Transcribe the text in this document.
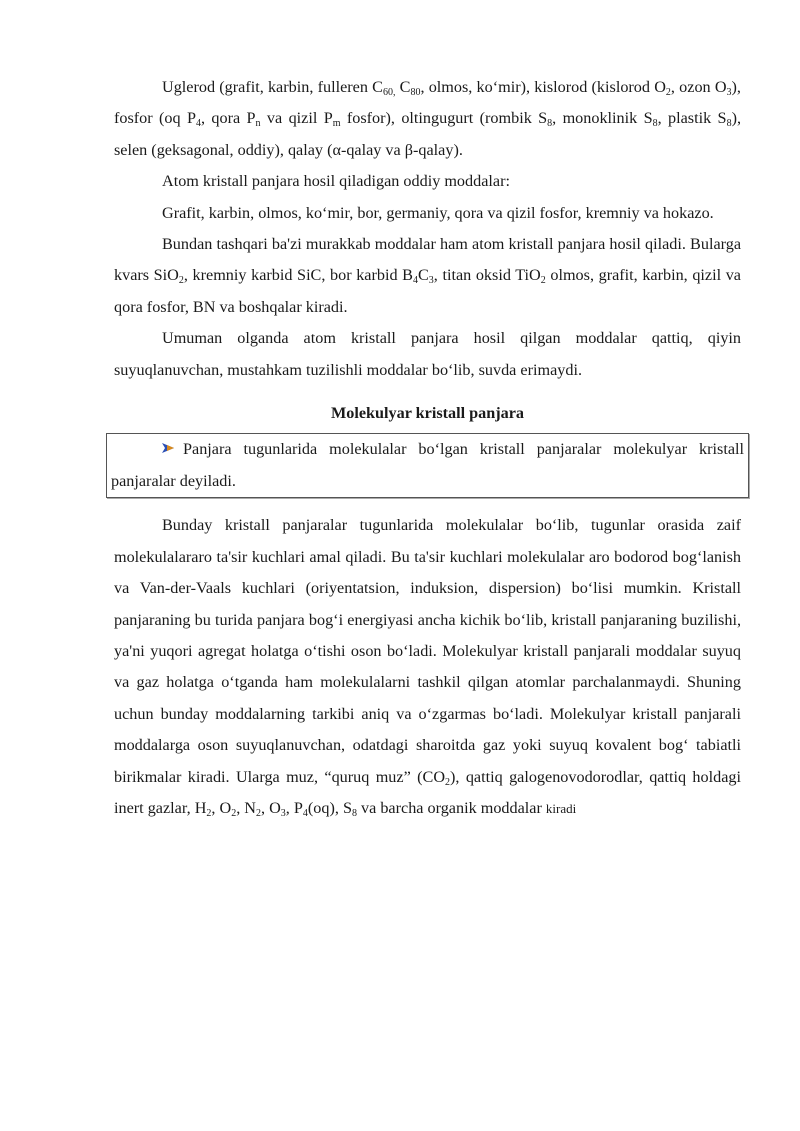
Uglerod (grafit, karbin, fulleren $C_{60,}$ $C_{80}$, olmos, ko‘mir), kislorod (kislorod $O_2$, ozon $O_3$), fosfor (oq $P_4$, qora $P_n$ va qizil $P_m$ fosfor), oltingugurt (rombik $S_8$, monoklinik $S_8$, plastik $S_8$), selen (geksagonal, oddiy), qalay (α-qalay va β-qalay).

Atom kristall panjara hosil qiladigan oddiy moddalar:

Grafit, karbin, olmos, ko‘mir, bor, germaniy, qora va qizil fosfor, kremniy va hokazo.

Bundan tashqari ba'zi murakkab moddalar ham atom kristall panjara hosil qiladi. Bularga kvars SiO$_2$, kremniy karbid SiC, bor karbid $B_4C_3$, titan oksid TiO$_2$ olmos, grafit, karbin, qizil va qora fosfor, BN va boshqalar kiradi.

Umuman olganda atom kristall panjara hosil qilgan moddalar qattiq, qiyin suyuqlanuvchan, mustahkam tuzilishli moddalar bo‘lib, suvda erimaydi.

Molekulyar kristall panjara

Panjara tugunlarida molekulalar bo‘lgan kristall panjaralar molekulyar kristall panjaralar deyiladi.

Bunday kristall panjaralar tugunlarida molekulalar bo‘lib, tugunlar orasida zaif molekulalararo ta'sir kuchlari amal qiladi. Bu ta'sir kuchlari molekulalar aro bodorod bog‘lanish va Van-der-Vaals kuchlari (oriyentatsion, induksion, dispersion) bo‘lisi mumkin. Kristall panjaraning bu turida panjara bog‘i energiyasi ancha kichik bo‘lib, kristall panjaraning buzilishi, ya'ni yuqori agregat holatga o‘tishi oson bo‘ladi. Molekulyar kristall panjarali moddalar suyuq va gaz holatga o‘tganda ham molekulalarni tashkil qilgan atomlar parchalanmaydi. Shuning uchun bunday moddalarning tarkibi aniq va o‘zgarmas bo‘ladi. Molekulyar kristall panjarali moddalarga oson suyuqlanuvchan, odatdagi sharoitda gaz yoki suyuq kovalent bog‘ tabiatli birikmalar kiradi. Ularga muz, “quruq muz” $(CO_2)$, qattiq galogenovodorodlar, qattiq holdagi inert gazlar, $H_2$, $O_2$, $N_2$, $O_3$, $P_4(oq)$, $S_8$ va barcha organik moddalar kiradi
